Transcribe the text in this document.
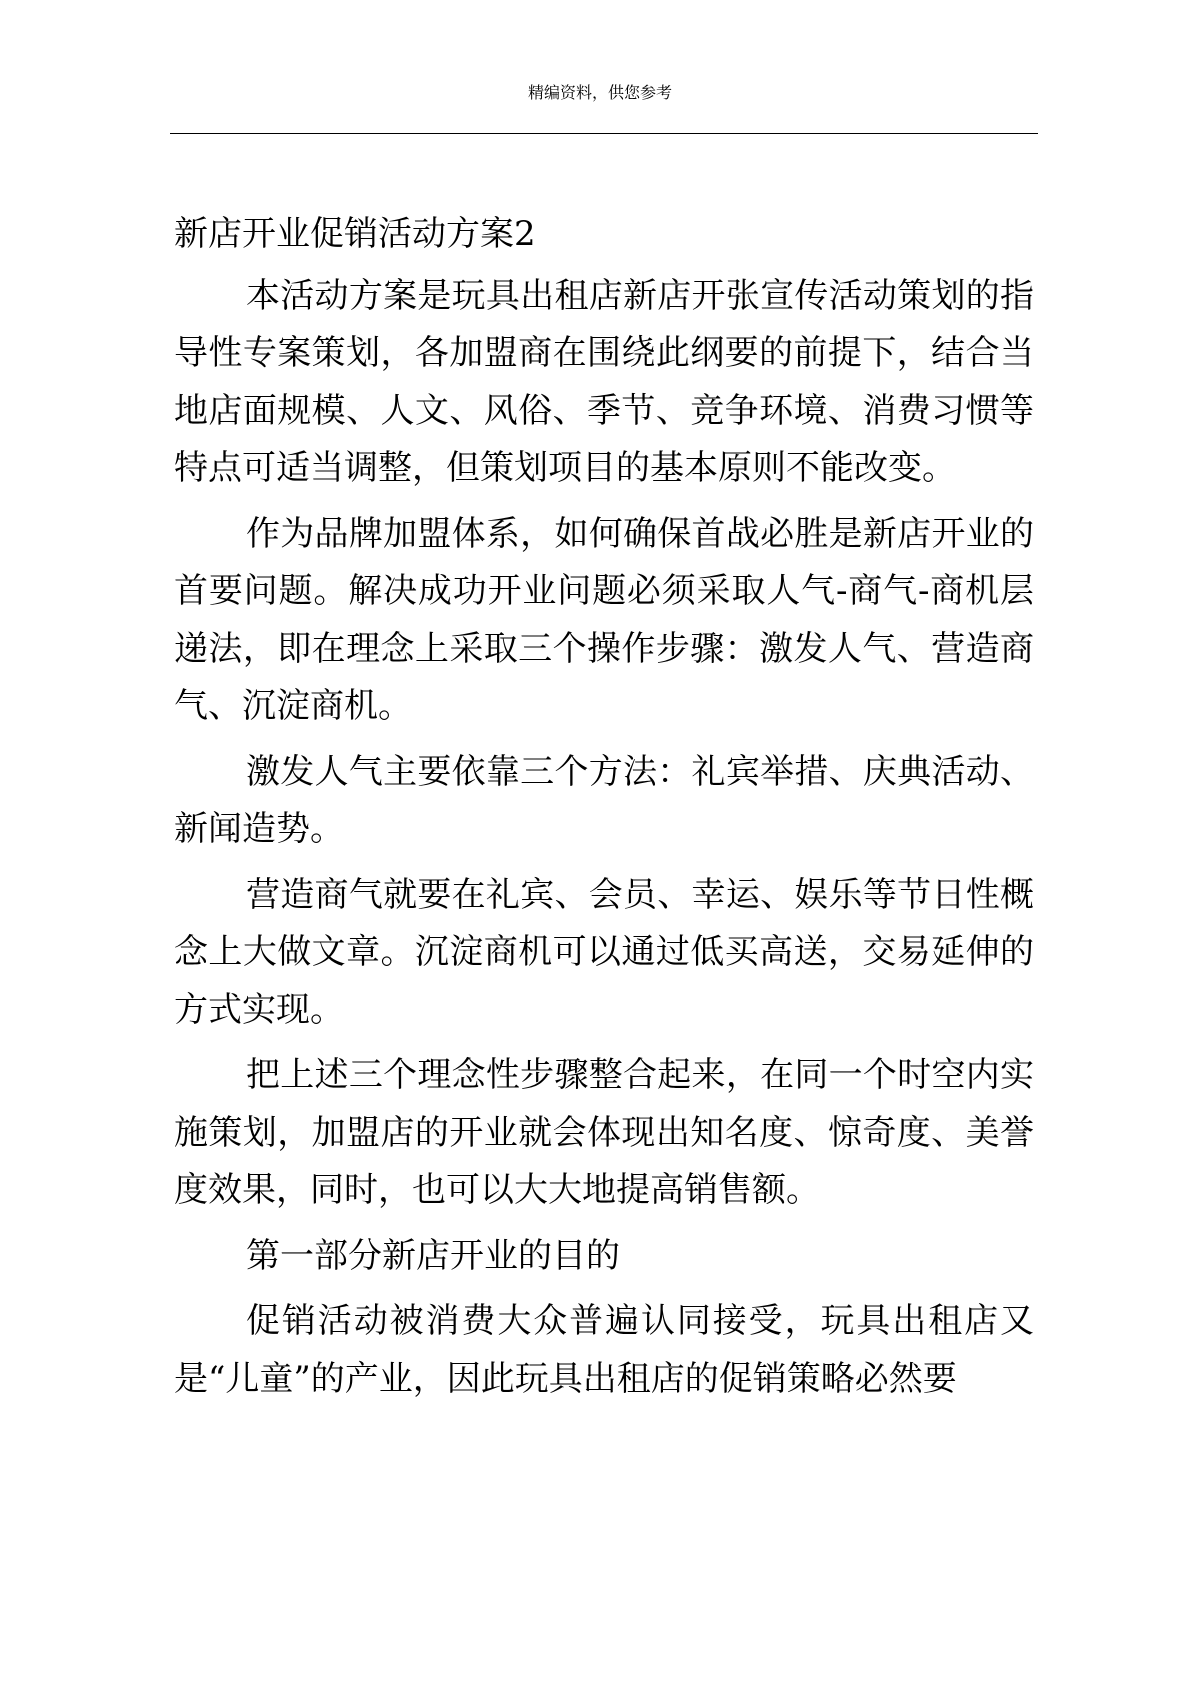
精编资料，供您参考
新店开业促销活动方案2

本活动方案是玩具出租店新店开张宣传活动策划的指导性专案策划，各加盟商在围绕此纲要的前提下，结合当地店面规模、人文、风俗、季节、竞争环境、消费习惯等特点可适当调整，但策划项目的基本原则不能改变。

作为品牌加盟体系，如何确保首战必胜是新店开业的首要问题。解决成功开业问题必须采取人气-商气-商机层递法，即在理念上采取三个操作步骤：激发人气、营造商气、沉淀商机。

激发人气主要依靠三个方法：礼宾举措、庆典活动、新闻造势。

营造商气就要在礼宾、会员、幸运、娱乐等节日性概念上大做文章。沉淀商机可以通过低买高送，交易延伸的方式实现。

把上述三个理念性步骤整合起来，在同一个时空内实施策划，加盟店的开业就会体现出知名度、惊奇度、美誉度效果，同时，也可以大大地提高销售额。

第一部分新店开业的目的

促销活动被消费大众普遍认同接受，玩具出租店又是“儿童”的产业，因此玩具出租店的促销策略必然要
